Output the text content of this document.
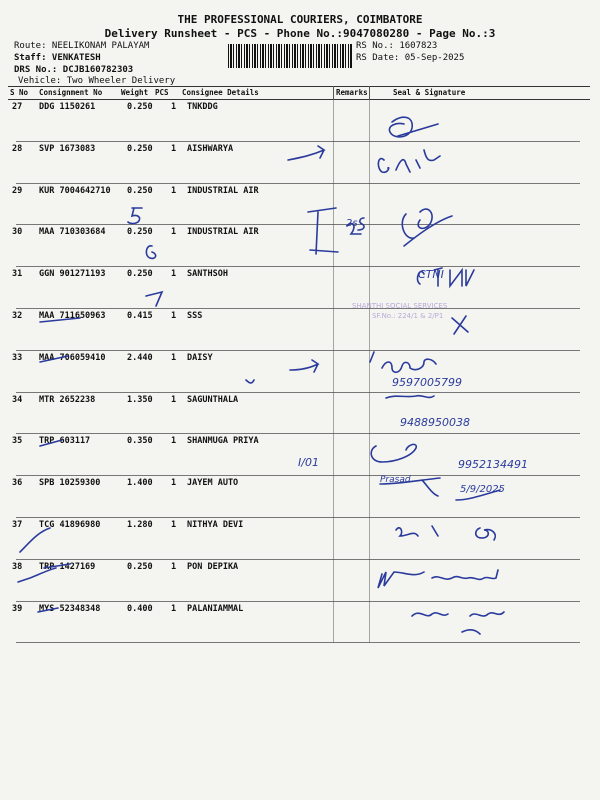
THE PROFESSIONAL COURIERS, COIMBATORE
Delivery Runsheet - PCS - Phone No.:9047080280 - Page No.:3
Route: NEELIKONAM PALAYAM
Staff: VENKATESH
DRS No.: DCJB160782303
Vehicle: Two Wheeler Delivery
RS No.: 1607823
RS Date: 05-Sep-2025
S No Consignment No	Weight PCS Consignee Details	Remarks	Seal & Signature
27 DDG 1150261	0.250 1 TNKDDG
28 SVP 1673083	0.250 1 AISHWARYA
29 KUR 7004642710 0.250 1 INDUSTRIAL AIR
30 MAA 710303684	0.250 1 INDUSTRIAL AIR
31 GGN 901271193	0.250 1 SANTHSOH
32 MAA 711650963	0.415 1 SSS
33 MAA 706059410	2.440 1 DAISY
34 MTR 2652238	1.350 1 SAGUNTHALA
35 TRP 603117	0.350 1 SHANMUGA PRIYA
36 SPB 10259300	1.400 1 JAYEM AUTO
37 TCG 41896980	1.280 1 NITHYA DEVI
38 TRP 1427169	0.250 1 PON DEPIKA
39 MYS 52348348	0.400 1 PALANIAMMAL
CTNI
9597005799
9488950038
9952134491
5/9/2025
Prasad
I/01
2s
SHANTHI SOCIAL SERVICES
SF.No.: 224/1 & 2/P1
